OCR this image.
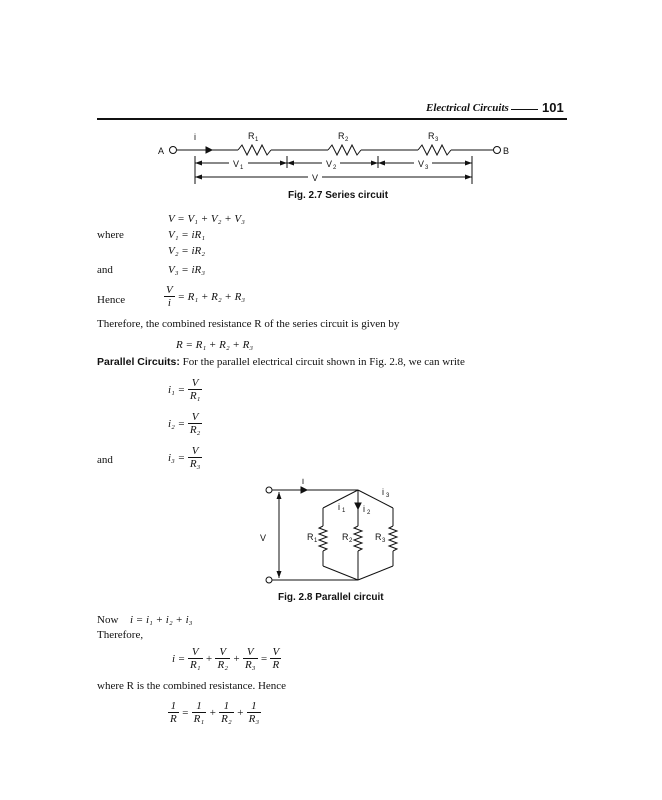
Electrical Circuits	101
A	B
i	R 1	R 2	R 3
V 1	V 2	V 3
V
Fig. 2.7 Series circuit
V = V₁ + V₂ + V₃
where	V₁ = iR₁
V₂ = iR₂
and	V₃ = iR₃
Hence	$\frac{V}{i} = R_1 + R_2 + R_3$
Therefore, the combined resistance R of the series circuit is given by
R = R₁ + R₂ + R₃
Parallel Circuits: For the parallel electrical circuit shown in Fig. 2.8, we can write
$i_1 = \frac{V}{\text{R₁}}$
$i_2 = \frac{V}{\text{R₂}}$
and	$i_3 = \frac{V}{\text{R₃}}$
i
i 1 i 2
i 3
V	R 1	R 2	R 3
Fig. 2.8 Parallel circuit
Now i = i₁ + i₂ + i₃
Therefore,
$i = \frac{V}{\text{R₁}} + \frac{V}{\text{R₂}} + \frac{V}{\text{R₃}} = \frac{V}{R}$
where R is the combined resistance. Hence
$\frac{1}{R} = \frac{1}{\text{R₁}} + \frac{1}{\text{R₂}} + \frac{1}{\text{R₃}}$
